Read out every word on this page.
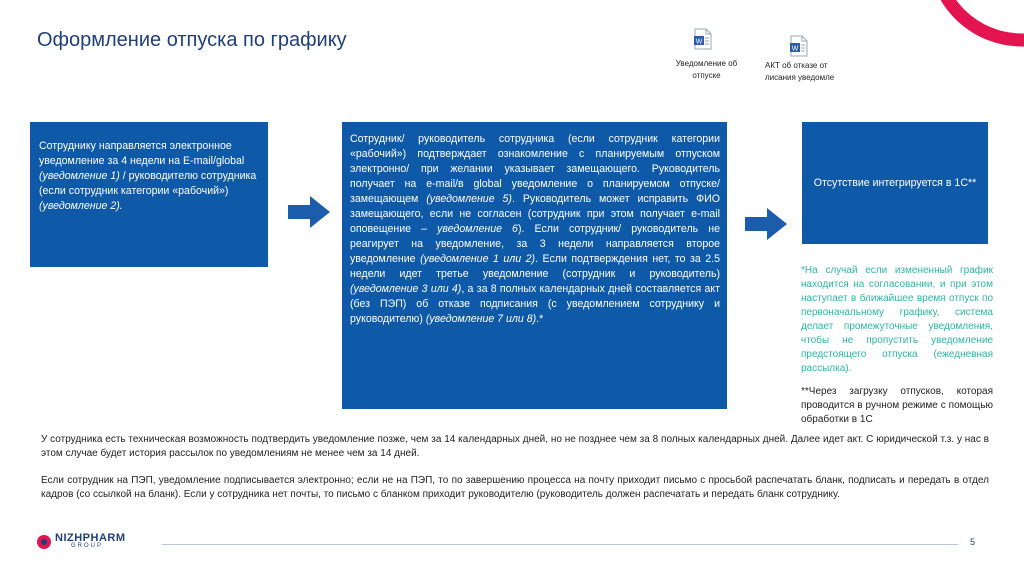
Оформление отпуска по графику	W
Уведомление об
отпуске
W
АКТ об отказе от
лисания уведомле
Сотруднику направляется электронное уведомление за 4 недели на E-mail/global (уведомление 1) / руководителю сотрудника (если сотрудник категории «рабочий») (уведомление 2).
Сотрудник/ руководитель сотрудника (если сотрудник категории «рабочий») подтверждает ознакомление с планируемым отпуском электронно/ при желании указывает замещающего. Руководитель получает на e-mail/в global уведомление о планируемом отпуске/замещающем (уведомление 5). Руководитель может исправить ФИО замещающего, если не согласен (сотрудник при этом получает e-mail оповещение – уведомление 6). Если сотрудник/ руководитель не реагирует на уведомление, за 3 недели направляется второе уведомление (уведомление 1 или 2). Если подтверждения нет, то за 2.5 недели идет третье уведомление (сотрудник и руководитель) (уведомление 3 или 4), а за 8 полных календарных дней составляется акт (без ПЭП) об отказе подписания (с уведомлением сотруднику и руководителю) (уведомление 7 или 8).*
Отсутствие интегрируется в 1С**
*На случай если измененный график находится на согласовании, и при этом наступает в ближайшее время отпуск по первоначальному графику, система делает промежуточные уведомления, чтобы не пропустить уведомление предстоящего отпуска (ежедневная рассылка).
**Через загрузку отпусков, которая проводится в ручном режиме с помощью обработки в 1С
У сотрудника есть техническая возможность подтвердить уведомление позже, чем за 14 календарных дней, но не позднее чем за 8 полных календарных дней. Далее идет акт. С юридической т.з. у нас в этом случае будет история рассылок по уведомлениям не менее чем за 14 дней.
Если сотрудник на ПЭП, уведомление подписывается электронно; если не на ПЭП, то по завершению процесса на почту приходит письмо с просьбой распечатать бланк, подписать и передать в отдел кадров (со ссылкой на бланк). Если у сотрудника нет почты, то письмо с бланком приходит руководителю (руководитель должен распечатать и передать бланк сотруднику.
NIZHPHARM
GROUP	5
